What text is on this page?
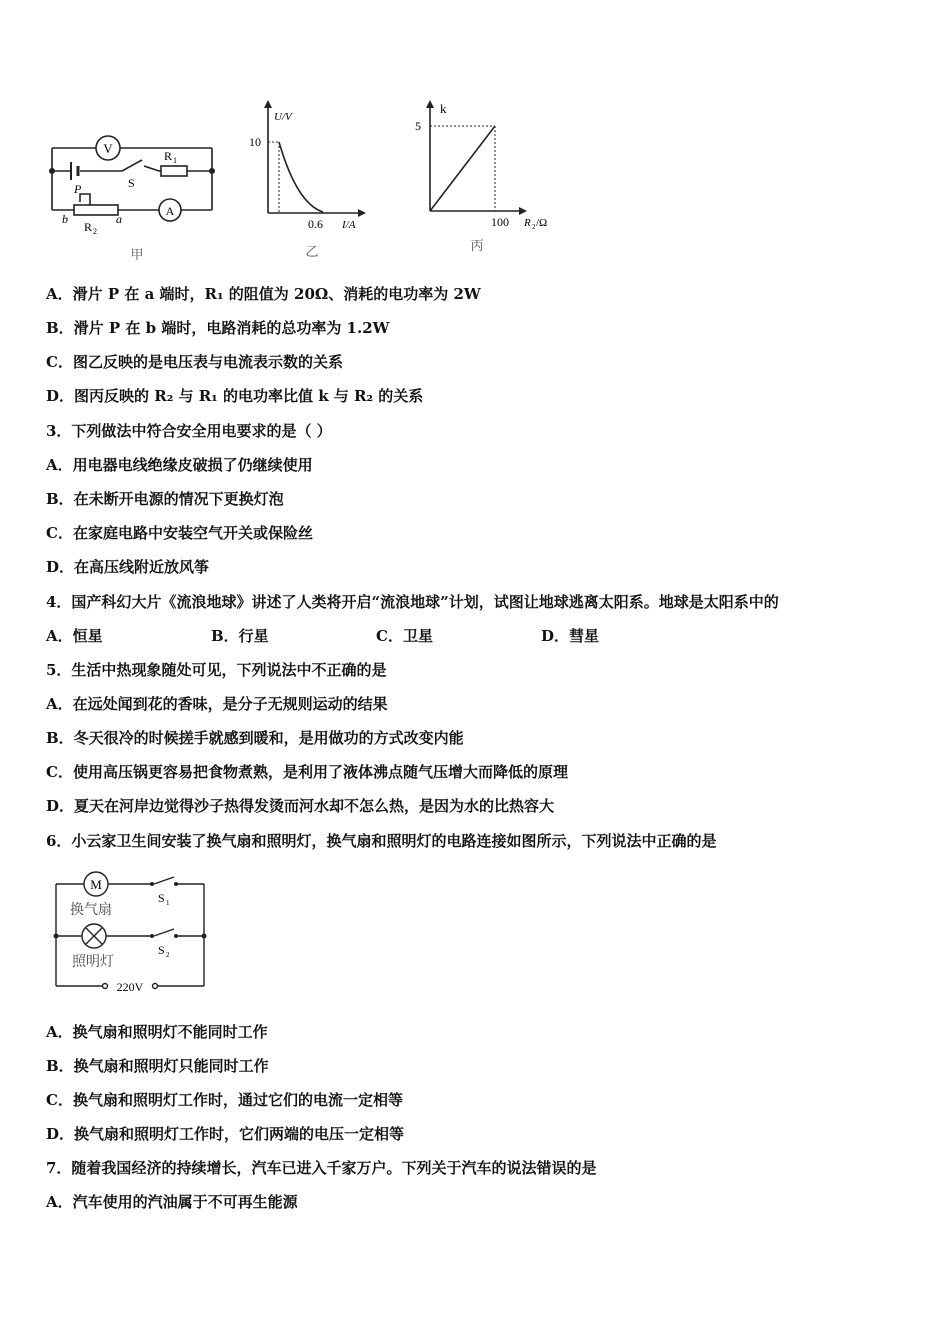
V
A
S
R 1
P
b	a
R 2
甲
U/V
10
0.6 I/A
乙
k
5
100 R 2 /Ω
丙
A．滑片 P 在 a 端时，R₁ 的阻值为 20Ω、消耗的电功率为 2W
B．滑片 P 在 b 端时，电路消耗的总功率为 1.2W
C．图乙反映的是电压表与电流表示数的关系
D．图丙反映的 R₂ 与 R₁ 的电功率比值 k 与 R₂ 的关系
3．下列做法中符合安全用电要求的是（ ）
A．用电器电线绝缘皮破损了仍继续使用
B．在未断开电源的情况下更换灯泡
C．在家庭电路中安装空气开关或保险丝
D．在高压线附近放风筝
4．国产科幻大片《流浪地球》讲述了人类将开启“流浪地球”计划，试图让地球逃离太阳系。地球是太阳系中的
A．恒星	B．行星	C．卫星	D．彗星
5．生活中热现象随处可见，下列说法中不正确的是
A．在远处闻到花的香味，是分子无规则运动的结果
B．冬天很冷的时候搓手就感到暖和，是用做功的方式改变内能
C．使用高压锅更容易把食物煮熟，是利用了液体沸点随气压增大而降低的原理
D．夏天在河岸边觉得沙子热得发烫而河水却不怎么热，是因为水的比热容大
6．小云家卫生间安装了换气扇和照明灯，换气扇和照明灯的电路连接如图所示，下列说法中正确的是
M
换气扇
S 1
照明灯
S 2
220V
A．换气扇和照明灯不能同时工作
B．换气扇和照明灯只能同时工作
C．换气扇和照明灯工作时，通过它们的电流一定相等
D．换气扇和照明灯工作时，它们两端的电压一定相等
7．随着我国经济的持续增长，汽车已进入千家万户。下列关于汽车的说法错误的是
A．汽车使用的汽油属于不可再生能源
